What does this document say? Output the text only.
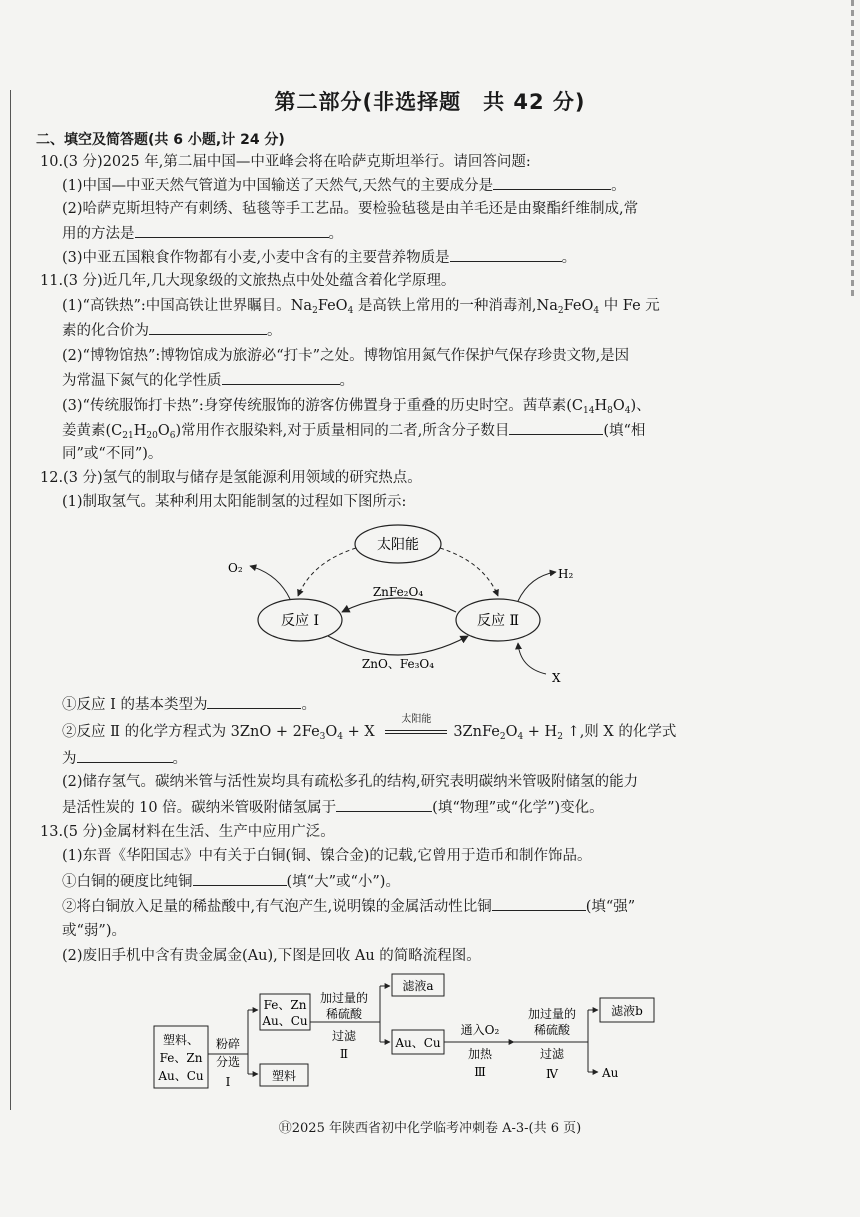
第二部分(非选择题　共 42 分)
二、填空及简答题(共 6 小题,计 24 分)
10.(3 分)2025 年,第二届中国—中亚峰会将在哈萨克斯坦举行。请回答问题:
(1)中国—中亚天然气管道为中国输送了天然气,天然气的主要成分是	。
(2)哈萨克斯坦特产有刺绣、毡毯等手工艺品。要检验毡毯是由羊毛还是由聚酯纤维制成,常
用的方法是	。
(3)中亚五国粮食作物都有小麦,小麦中含有的主要营养物质是	。
11.(3 分)近几年,几大现象级的文旅热点中处处蕴含着化学原理。
(1)“高铁热”:中国高铁让世界瞩目。$Na_2FeO_4$ 是高铁上常用的一种消毒剂$,Na_2FeO_4$ 中 Fe 元
素的化合价为	。
(2)“博物馆热”:博物馆成为旅游必“打卡”之处。博物馆用氮气作保护气保存珍贵文物,是因
为常温下氮气的化学性质	。
(3)“传统服饰打卡热”:身穿传统服饰的游客仿佛置身于重叠的历史时空。茜草素$(C_{14}H_8O_4)$、
姜黄素$(C_{21}H_{20}O_6)$常用作衣服染料,对于质量相同的二者,所含分子数目	(填“相
同”或“不同”)。
12.(3 分)氢气的制取与储存是氢能源利用领域的研究热点。
(1)制取氢气。某种利用太阳能制氢的过程如下图所示:
太阳能
反应 I	反应 Ⅱ
ZnFe₂O₄
ZnO、Fe₃O₄
O₂	H₂
X
①反应 I 的基本类型为	。
②反应 Ⅱ 的化学方程式为 $3ZnO + 2Fe_3O_4 + X$
太阳能
$3ZnFe_2O_4 + H_2$ ↑,则 X 的化学式
为	。
(2)储存氢气。碳纳米管与活性炭均具有疏松多孔的结构,研究表明碳纳米管吸附储氢的能力
是活性炭的 10 倍。碳纳米管吸附储氢属于	(填“物理”或“化学”)变化。
13.(5 分)金属材料在生活、生产中应用广泛。
(1)东晋《华阳国志》中有关于白铜(铜、镍合金)的记载,它曾用于造币和制作饰品。
①白铜的硬度比纯铜	(填“大”或“小”)。
②将白铜放入足量的稀盐酸中,有气泡产生,说明镍的金属活动性比铜	(填“强”
或“弱”)。
(2)废旧手机中含有贵金属金(Au),下图是回收 Au 的简略流程图。
塑料、
Fe、Zn
Au、Cu
粉碎
分选
I
Fe、Zn
Au、Cu
塑料
加过量的
稀硫酸
过滤
Ⅱ
滤液a
Au、Cu
通入O₂
加热
Ⅲ
加过量的
稀硫酸
过滤
Ⅳ
滤液b
Au
Ⓗ2025 年陕西省初中化学临考冲刺卷 A-3-(共 6 页)
